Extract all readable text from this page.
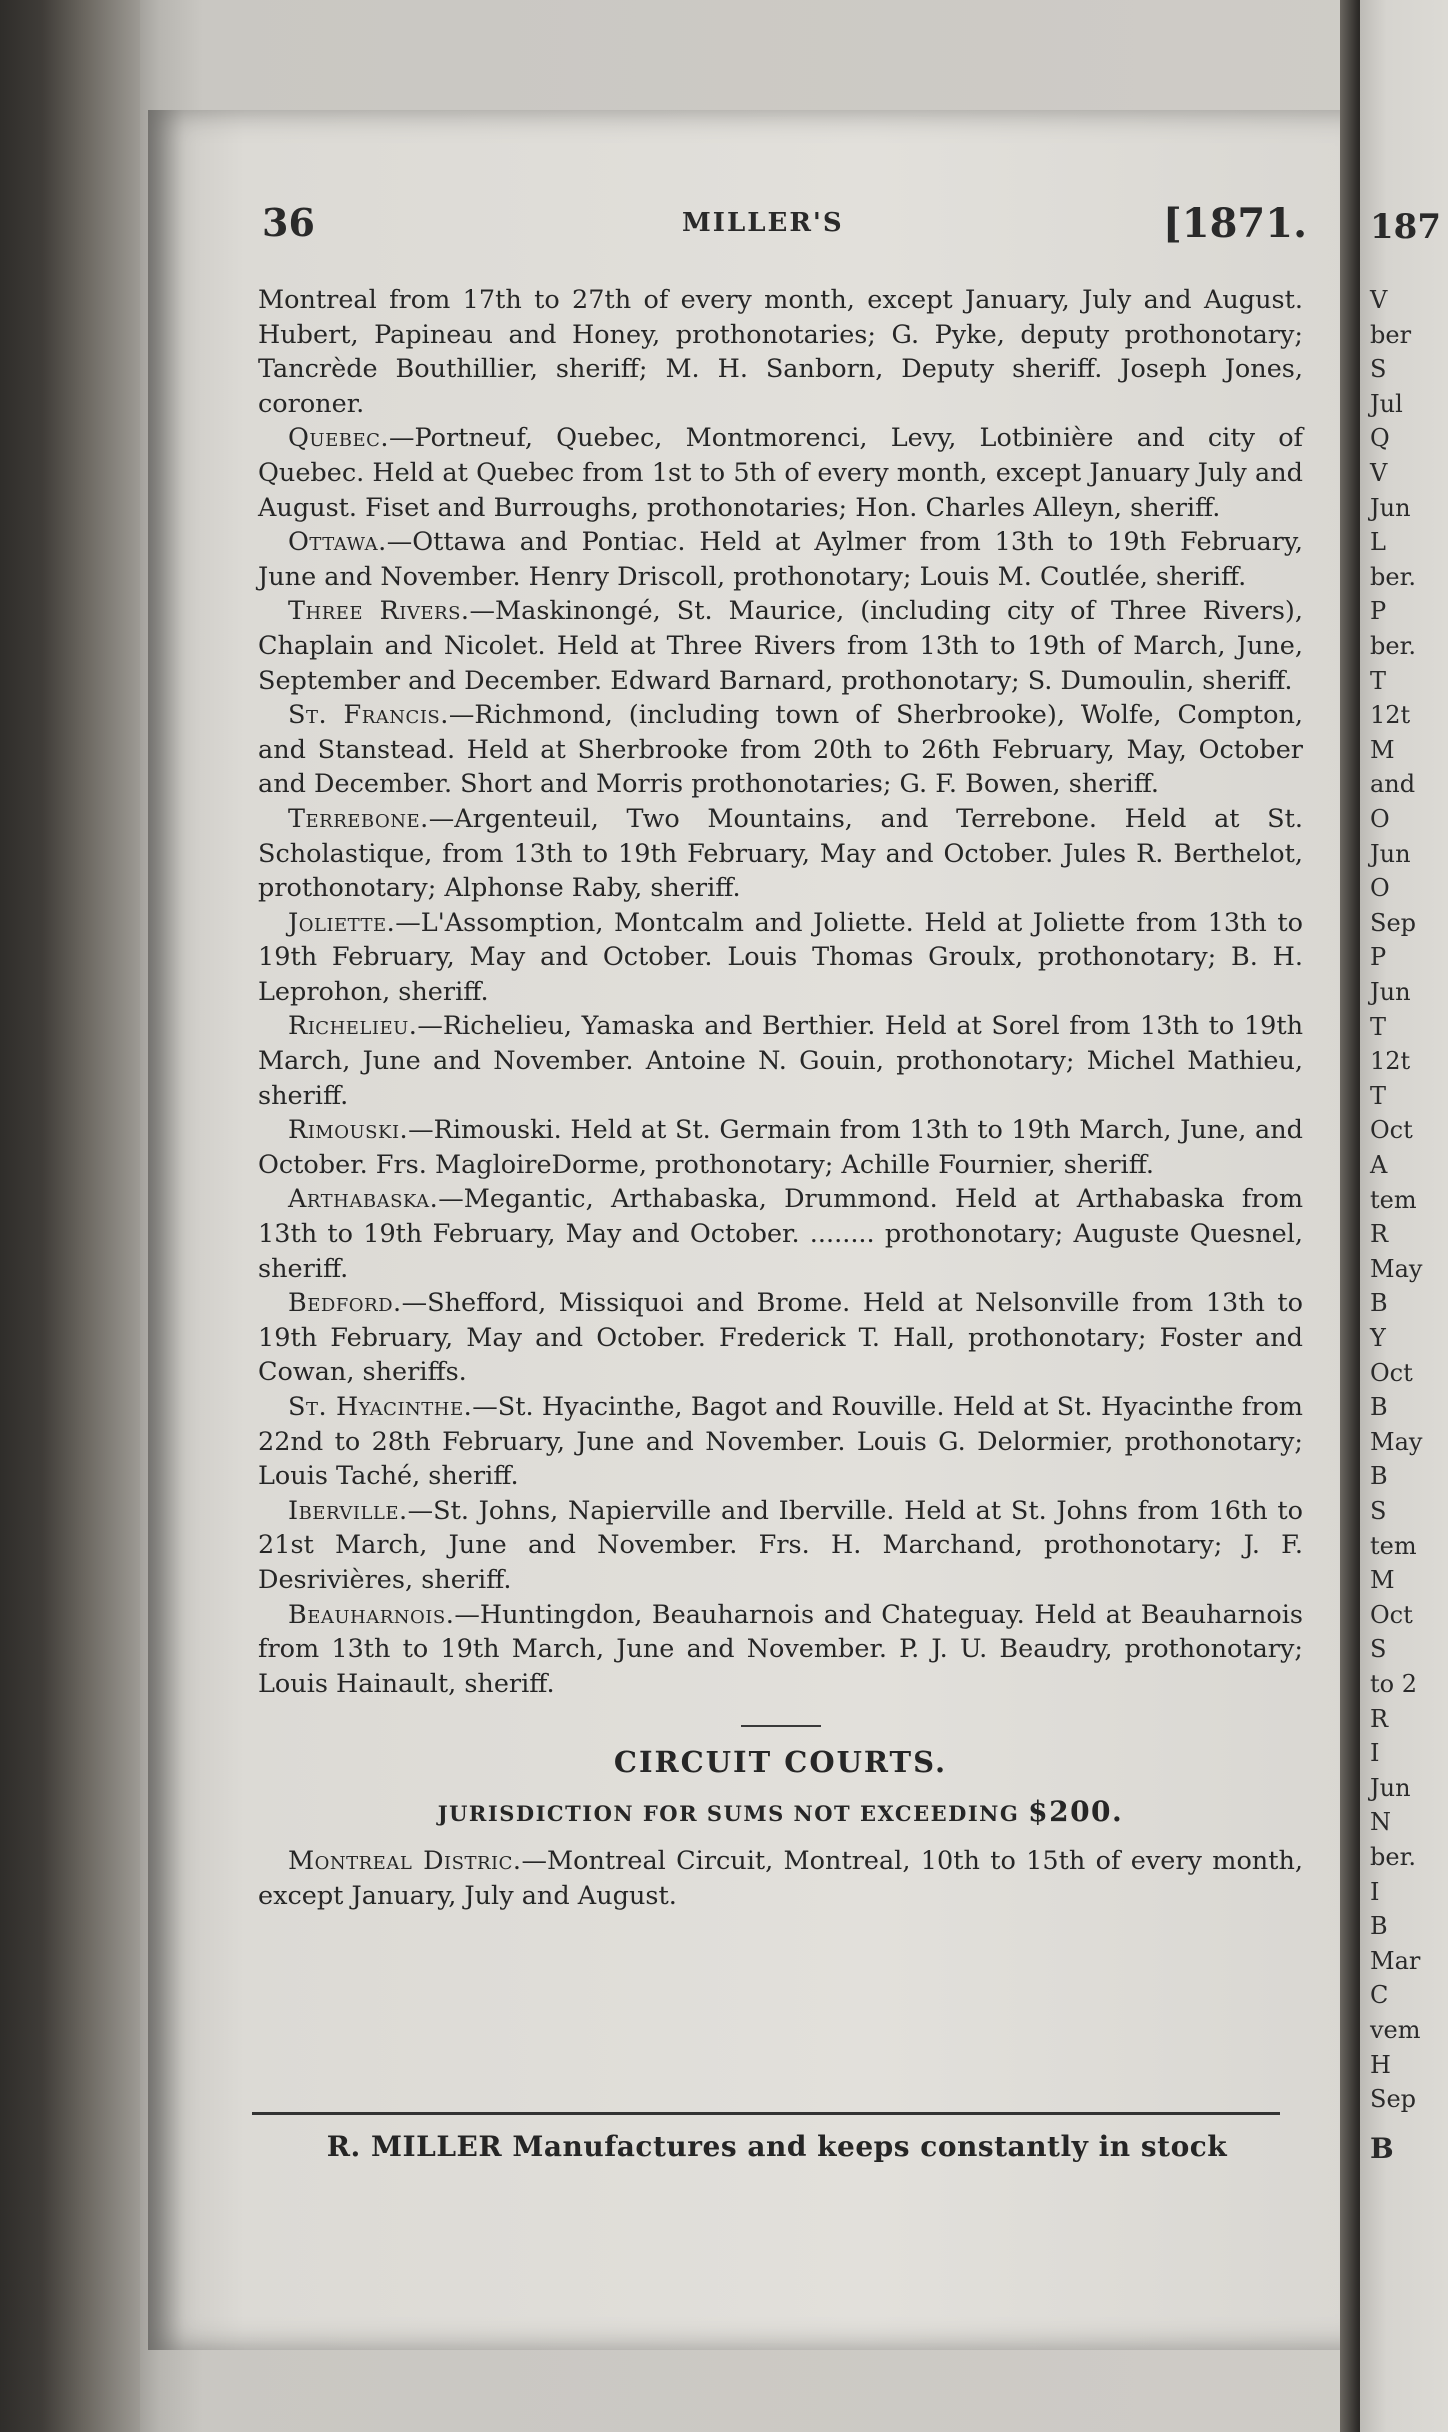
36	MILLER'S	[1871.

Montreal from 17th to 27th of every month, except January, July and August. Hubert, Papineau and Honey, prothonotaries; G. Pyke, deputy prothonotary; Tancrède Bouthillier, sheriff; M. H. Sanborn, Deputy sheriff. Joseph Jones, coroner.

Quebec.—Portneuf, Quebec, Montmorenci, Levy, Lotbinière and city of Quebec. Held at Quebec from 1st to 5th of every month, except January July and August. Fiset and Burroughs, prothonotaries; Hon. Charles Alleyn, sheriff.

Ottawa.—Ottawa and Pontiac. Held at Aylmer from 13th to 19th February, June and November. Henry Driscoll, prothonotary; Louis M. Coutlée, sheriff.

Three Rivers.—Maskinongé, St. Maurice, (including city of Three Rivers), Chaplain and Nicolet. Held at Three Rivers from 13th to 19th of March, June, September and December. Edward Barnard, prothonotary; S. Dumoulin, sheriff.

St. Francis.—Richmond, (including town of Sherbrooke), Wolfe, Compton, and Stanstead. Held at Sherbrooke from 20th to 26th February, May, October and December. Short and Morris prothonotaries; G. F. Bowen, sheriff.

Terrebone.—Argenteuil, Two Mountains, and Terrebone. Held at St. Scholastique, from 13th to 19th February, May and October. Jules R. Berthelot, prothonotary; Alphonse Raby, sheriff.

Joliette.—L'Assomption, Montcalm and Joliette. Held at Joliette from 13th to 19th February, May and October. Louis Thomas Groulx, prothonotary; B. H. Leprohon, sheriff.

Richelieu.—Richelieu, Yamaska and Berthier. Held at Sorel from 13th to 19th March, June and November. Antoine N. Gouin, prothonotary; Michel Mathieu, sheriff.

Rimouski.—Rimouski. Held at St. Germain from 13th to 19th March, June, and October. Frs. MagloireDorme, prothonotary; Achille Fournier, sheriff.

Arthabaska.—Megantic, Arthabaska, Drummond. Held at Arthabaska from 13th to 19th February, May and October. ........ prothonotary; Auguste Quesnel, sheriff.

Bedford.—Shefford, Missiquoi and Brome. Held at Nelsonville from 13th to 19th February, May and October. Frederick T. Hall, prothonotary; Foster and Cowan, sheriffs.

St. Hyacinthe.—St. Hyacinthe, Bagot and Rouville. Held at St. Hyacinthe from 22nd to 28th February, June and November. Louis G. Delormier, prothonotary; Louis Taché, sheriff.

Iberville.—St. Johns, Napierville and Iberville. Held at St. Johns from 16th to 21st March, June and November. Frs. H. Marchand, prothonotary; J. F. Desrivières, sheriff.

Beauharnois.—Huntingdon, Beauharnois and Chateguay. Held at Beauharnois from 13th to 19th March, June and November. P. J. U. Beaudry, prothonotary; Louis Hainault, sheriff.

CIRCUIT COURTS.

JURISDICTION FOR SUMS NOT EXCEEDING $200.

Montreal Distric.—Montreal Circuit, Montreal, 10th to 15th of every month, except January, July and August.

R. MILLER Manufactures and keeps constantly in stock
187
V
ber
S
Jul
Q
V
Jun
L
ber.
P
ber.
T
12t
M
and
O
Jun
O
Sep
P
Jun
T
12t
T
Oct
A
tem
R
May
B
Y
Oct
B
May
B
S
tem
M
Oct
S
to 2
R
I
Jun
N
ber.
I
B
Mar
C
vem
H
Sep
B
